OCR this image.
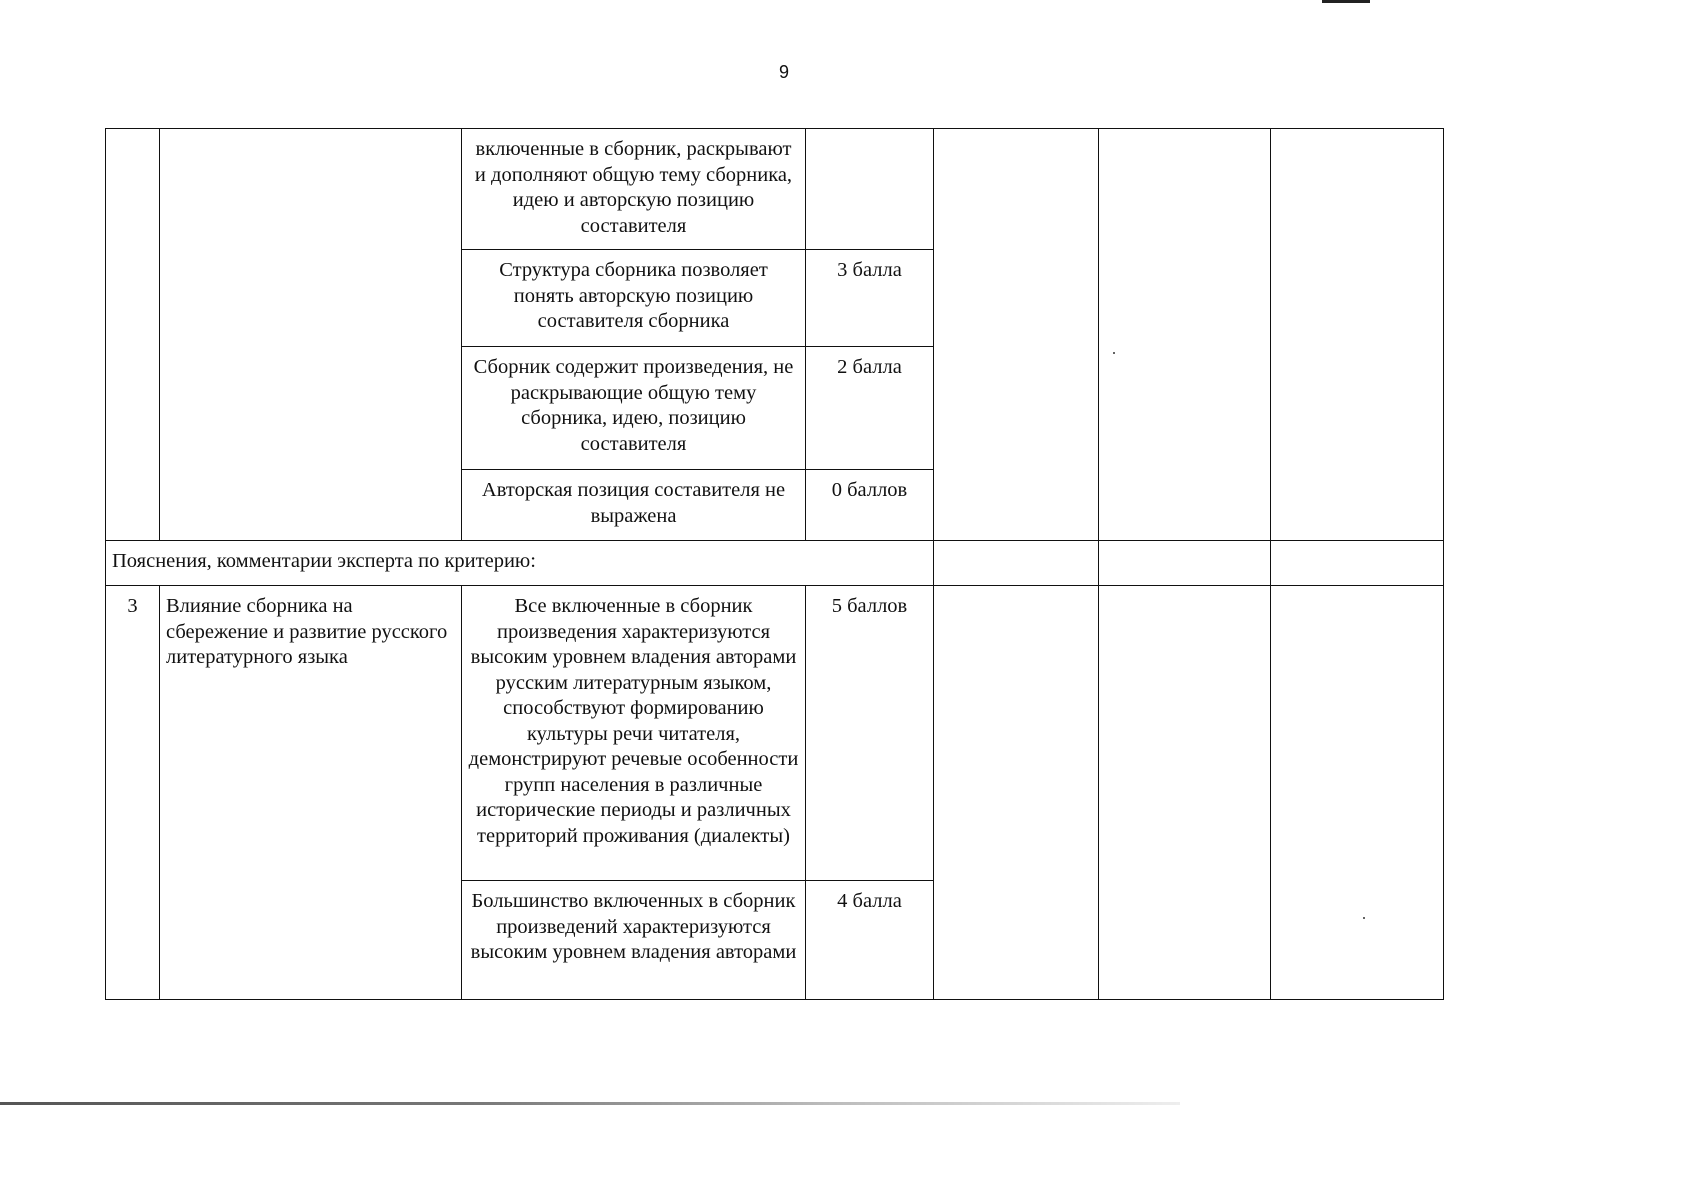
9
		включенные в сборник, раскрывают и дополняют общую тему сборника, идею и авторскую позицию составителя				
		Структура сборника позволяет понять авторскую позицию составителя сборника	3 балла			
		Сборник содержит произведения, не раскрывающие общую тему сборника, идею, позицию составителя	2 балла			
		Авторская позиция составителя не выражена	0 баллов			
Пояснения, комментарии эксперта по критерию:						
3	Влияние сборника на сбережение и развитие русского литературного языка	Все включенные в сборник произведения характеризуются высоким уровнем владения авторами русским литературным языком, способствуют формированию культуры речи читателя, демонстрируют речевые особенности групп населения в различные исторические периоды и различных территорий проживания (диалекты)	5 баллов			
		Большинство включенных в сборник произведений характеризуются высоким уровнем владения авторами	4 балла			
